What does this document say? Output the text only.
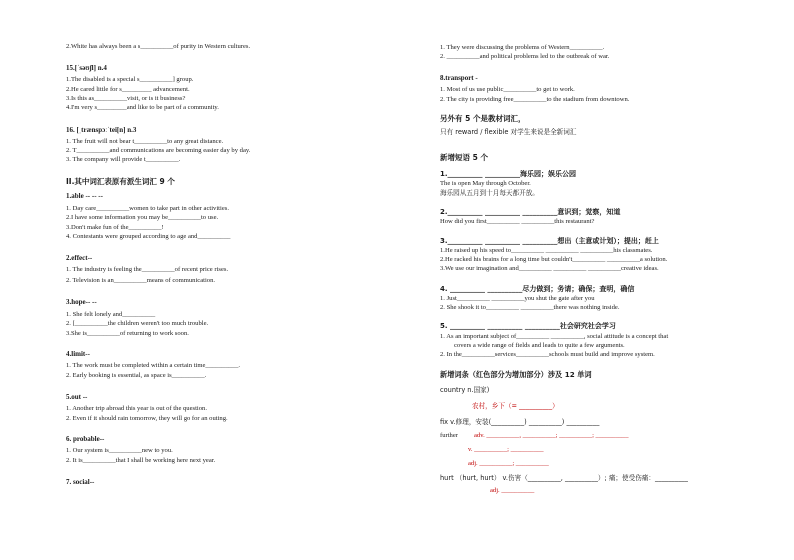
2.White has always been a s__________of purity in Western cultures.
15.[ˈsəʊʃl] n.4
1.The disabled is a special s__________] group.
2.He cared little for s_________ advancement.
3.Is this as__________visit, or is it business?
4.I'm very s_________and like to be part of a community.
16. [ˌtrænspɔːˈtei[n] n.3
1. The fruit will not bear t__________to any great distance.
2. T__________and communications are becoming easier day by day.
3. The company will provide t__________.
II.其中词汇表原有派生词汇 9 个
1.able -- -- --
1. Day care__________women to take part in other activities.
2.I have some information you may be__________to use.
3.Don't make fun of the__________!
4. Contestants were grouped according to age and__________
2.effect--
1. The industry is feeling the__________of recent price rises.
2. Television is an__________means of communication.
3.hope-- --
1. She felt lonely and__________
2. [__________the children weren't too much trouble.
3.She is__________of returning to work soon.
4.limit--
1. The work must be completed within a certain time__________.
2. Early booking is essential, as space is__________.
5.out --
1. Another trip abroad this year is out of the question.
2. Even if it should rain tomorrow, they will go for an outing.
6. probable--
1. Our system is__________new to you.
2. It is__________that I shall be working here next year.
7. social--
1. They were discussing the problems of Western__________.
2. __________and political problems led to the outbreak of war.
8.transport -
1. Most of us use public__________to get to work.
2. The city is providing free__________to the stadium from downtown.
另外有 5 个是教材词汇，
只有 reward / flexible 对学生来说是全新词汇
新增短语 5 个
1.__________ __________海乐园；娱乐公园
The is open May through October.
海乐园从五月到十月每天都开放。
2.__________ __________ __________意识到；觉察，知道
How did you first__________ __________this restaurant?
3.__________ __________ __________想出（主意或计划）；提出；赶上
1.He raised up his speed to__________ __________ __________his classmates.
2.He racked his brains for a long time but couldn't__________ __________a solution.
3.We use our imagination and__________ __________ __________creative ideas.
4. __________ __________尽力做到；务请；确保；查明，确信
1. Just__________ __________you shut the gate after you
2. She shook it to__________ __________there was nothing inside.
5. __________ __________ __________社会研究社会学习
1. As an important subject of__________ __________, social attitude is a concept that
covers a wide range of fields and leads to quite a few arguments.
2. In the__________services__________schools must build and improve system.
新增词条（红色部分为增加部分）涉及 12 单词
country n.国家)
农村，乡下（= __________）
fix v.修理，安装(__________) __________) __________
further adv. __________, __________; __________; __________
v. __________; __________
adj. __________; __________
hurt （hurt, hurt） v.伤害（__________, __________）; 痛；使受伤痛：__________
adj. __________
